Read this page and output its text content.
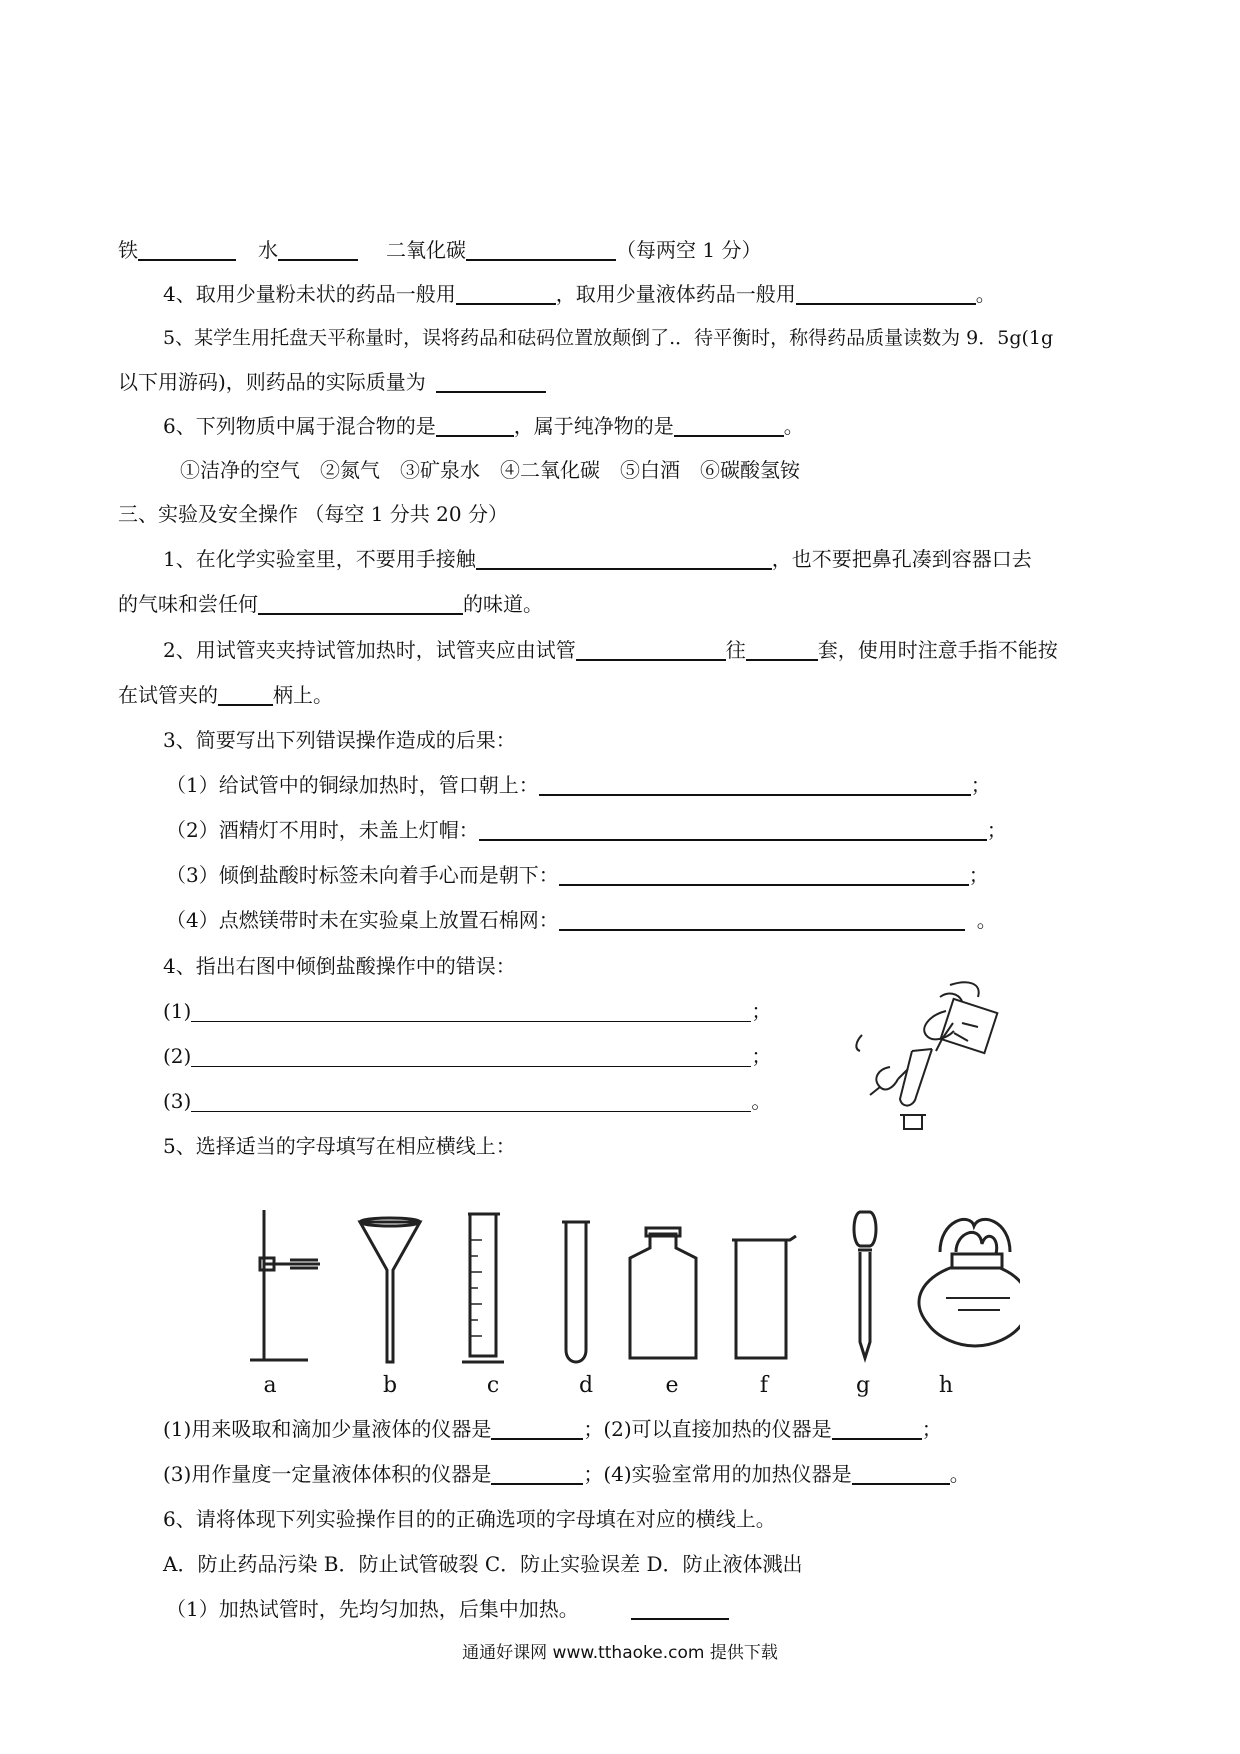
铁	水	二氧化碳	（每两空 1 分）
4、取用少量粉未状的药品一般用	，取用少量液体药品一般用	。
5、某学生用托盘天平称量时，误将药品和砝码位置放颠倒了.．待平衡时，称得药品质量读数为 9．5g(1g
以下用游码)，则药品的实际质量为
6、下列物质中属于混合物的是	，属于纯净物的是	。
①洁净的空气 ②氮气 ③矿泉水 ④二氧化碳 ⑤白酒 ⑥碳酸氢铵
三、实验及安全操作 （每空 1 分共 20 分）
1、在化学实验室里，不要用手接触	，也不要把鼻孔凑到容器口去
的气味和尝任何	的味道。
2、用试管夹夹持试管加热时，试管夹应由试管	往	套，使用时注意手指不能按
在试管夹的	柄上。
3、简要写出下列错误操作造成的后果：
（1）给试管中的铜绿加热时，管口朝上：	；
（2）酒精灯不用时，未盖上灯帽：	；
（3）倾倒盐酸时标签未向着手心而是朝下：	；
（4）点燃镁带时未在实验桌上放置石棉网：	。
4、指出右图中倾倒盐酸操作中的错误：
(1)	；
(2)	；
(3)	。
5、选择适当的字母填写在相应横线上：
a	b	c	d	e	f	g	h
(1)用来吸取和滴加少量液体的仪器是	；(2)可以直接加热的仪器是	；
(3)用作量度一定量液体体积的仪器是	；(4)实验室常用的加热仪器是	。
6、请将体现下列实验操作目的的正确选项的字母填在对应的横线上。
A．防止药品污染 B．防止试管破裂 C．防止实验误差 D．防止液体溅出
（1）加热试管时，先均匀加热，后集中加热。
通通好课网 www.tthaoke.com 提供下载
